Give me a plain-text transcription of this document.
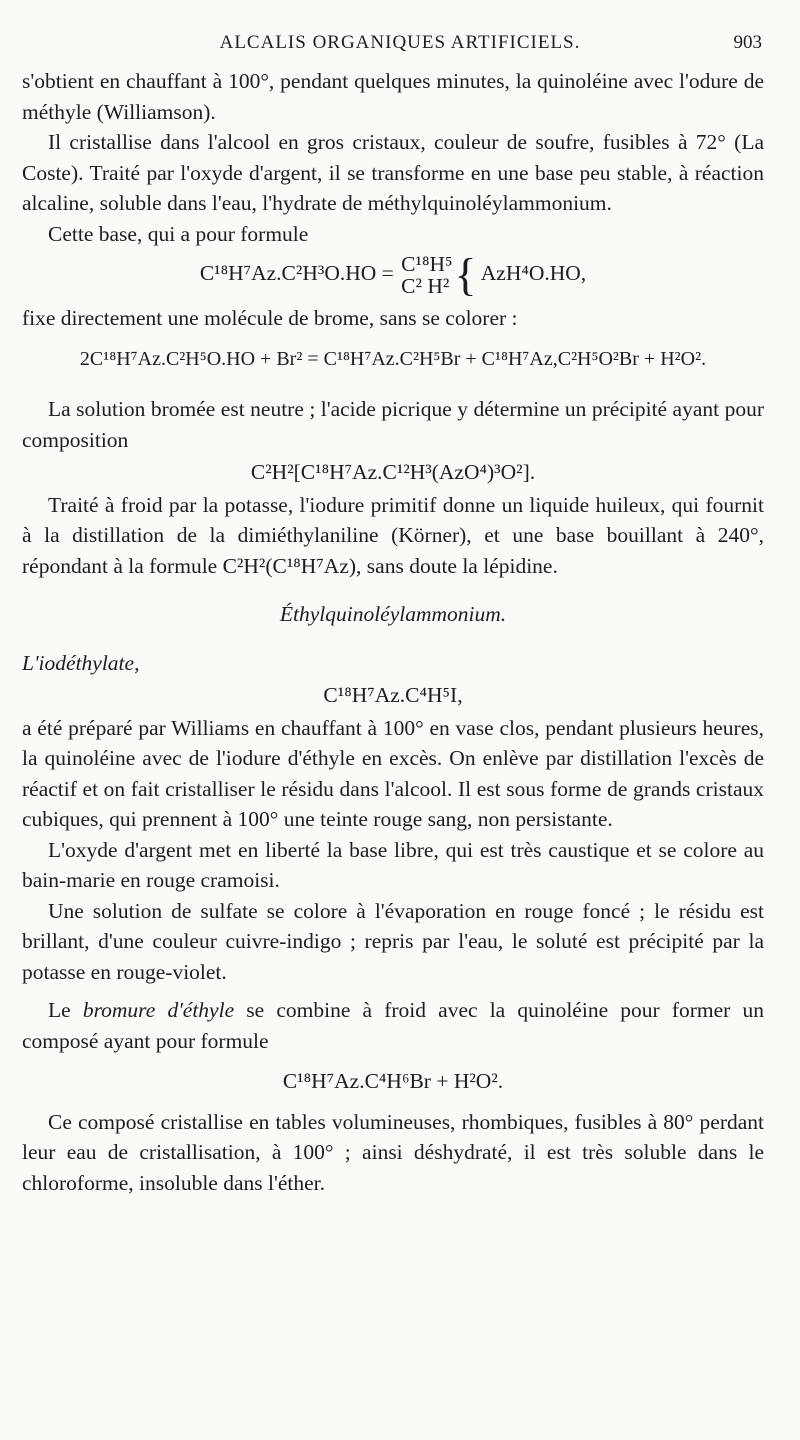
ALCALIS ORGANIQUES ARTIFICIELS.	903

s'obtient en chauffant à 100°, pendant quelques minutes, la quinoléine avec l'odure de méthyle (Williamson).

Il cristallise dans l'alcool en gros cristaux, couleur de soufre, fusibles à 72° (La Coste). Traité par l'oxyde d'argent, il se transforme en une base peu stable, à réaction alcaline, soluble dans l'eau, l'hydrate de méthylquinoléylammonium.

Cette base, qui a pour formule

C¹⁸H⁷Az.C²H³O.HO = C¹⁸H⁵
C² H² { AzH⁴O.HO,

fixe directement une molécule de brome, sans se colorer :

2C¹⁸H⁷Az.C²H⁵O.HO + Br² = C¹⁸H⁷Az.C²H⁵Br + C¹⁸H⁷Az,C²H⁵O²Br + H²O².

La solution bromée est neutre ; l'acide picrique y détermine un précipité ayant pour composition

C²H²[C¹⁸H⁷Az.C¹²H³(AzO⁴)³O²].

Traité à froid par la potasse, l'iodure primitif donne un liquide huileux, qui fournit à la distillation de la dimiéthylaniline (Körner), et une base bouillant à 240°, répondant à la formule C²H²(C¹⁸H⁷Az), sans doute la lépidine.

Éthylquinoléylammonium.

L'iodéthylate,

C¹⁸H⁷Az.C⁴H⁵I,

a été préparé par Williams en chauffant à 100° en vase clos, pendant plusieurs heures, la quinoléine avec de l'iodure d'éthyle en excès. On enlève par distillation l'excès de réactif et on fait cristalliser le résidu dans l'alcool. Il est sous forme de grands cristaux cubiques, qui prennent à 100° une teinte rouge sang, non persistante.

L'oxyde d'argent met en liberté la base libre, qui est très caustique et se colore au bain-marie en rouge cramoisi.

Une solution de sulfate se colore à l'évaporation en rouge foncé ; le résidu est brillant, d'une couleur cuivre-indigo ; repris par l'eau, le soluté est précipité par la potasse en rouge-violet.

Le bromure d'éthyle se combine à froid avec la quinoléine pour former un composé ayant pour formule

C¹⁸H⁷Az.C⁴H⁶Br + H²O².

Ce composé cristallise en tables volumineuses, rhombiques, fusibles à 80° perdant leur eau de cristallisation, à 100° ; ainsi déshydraté, il est très soluble dans le chloroforme, insoluble dans l'éther.
